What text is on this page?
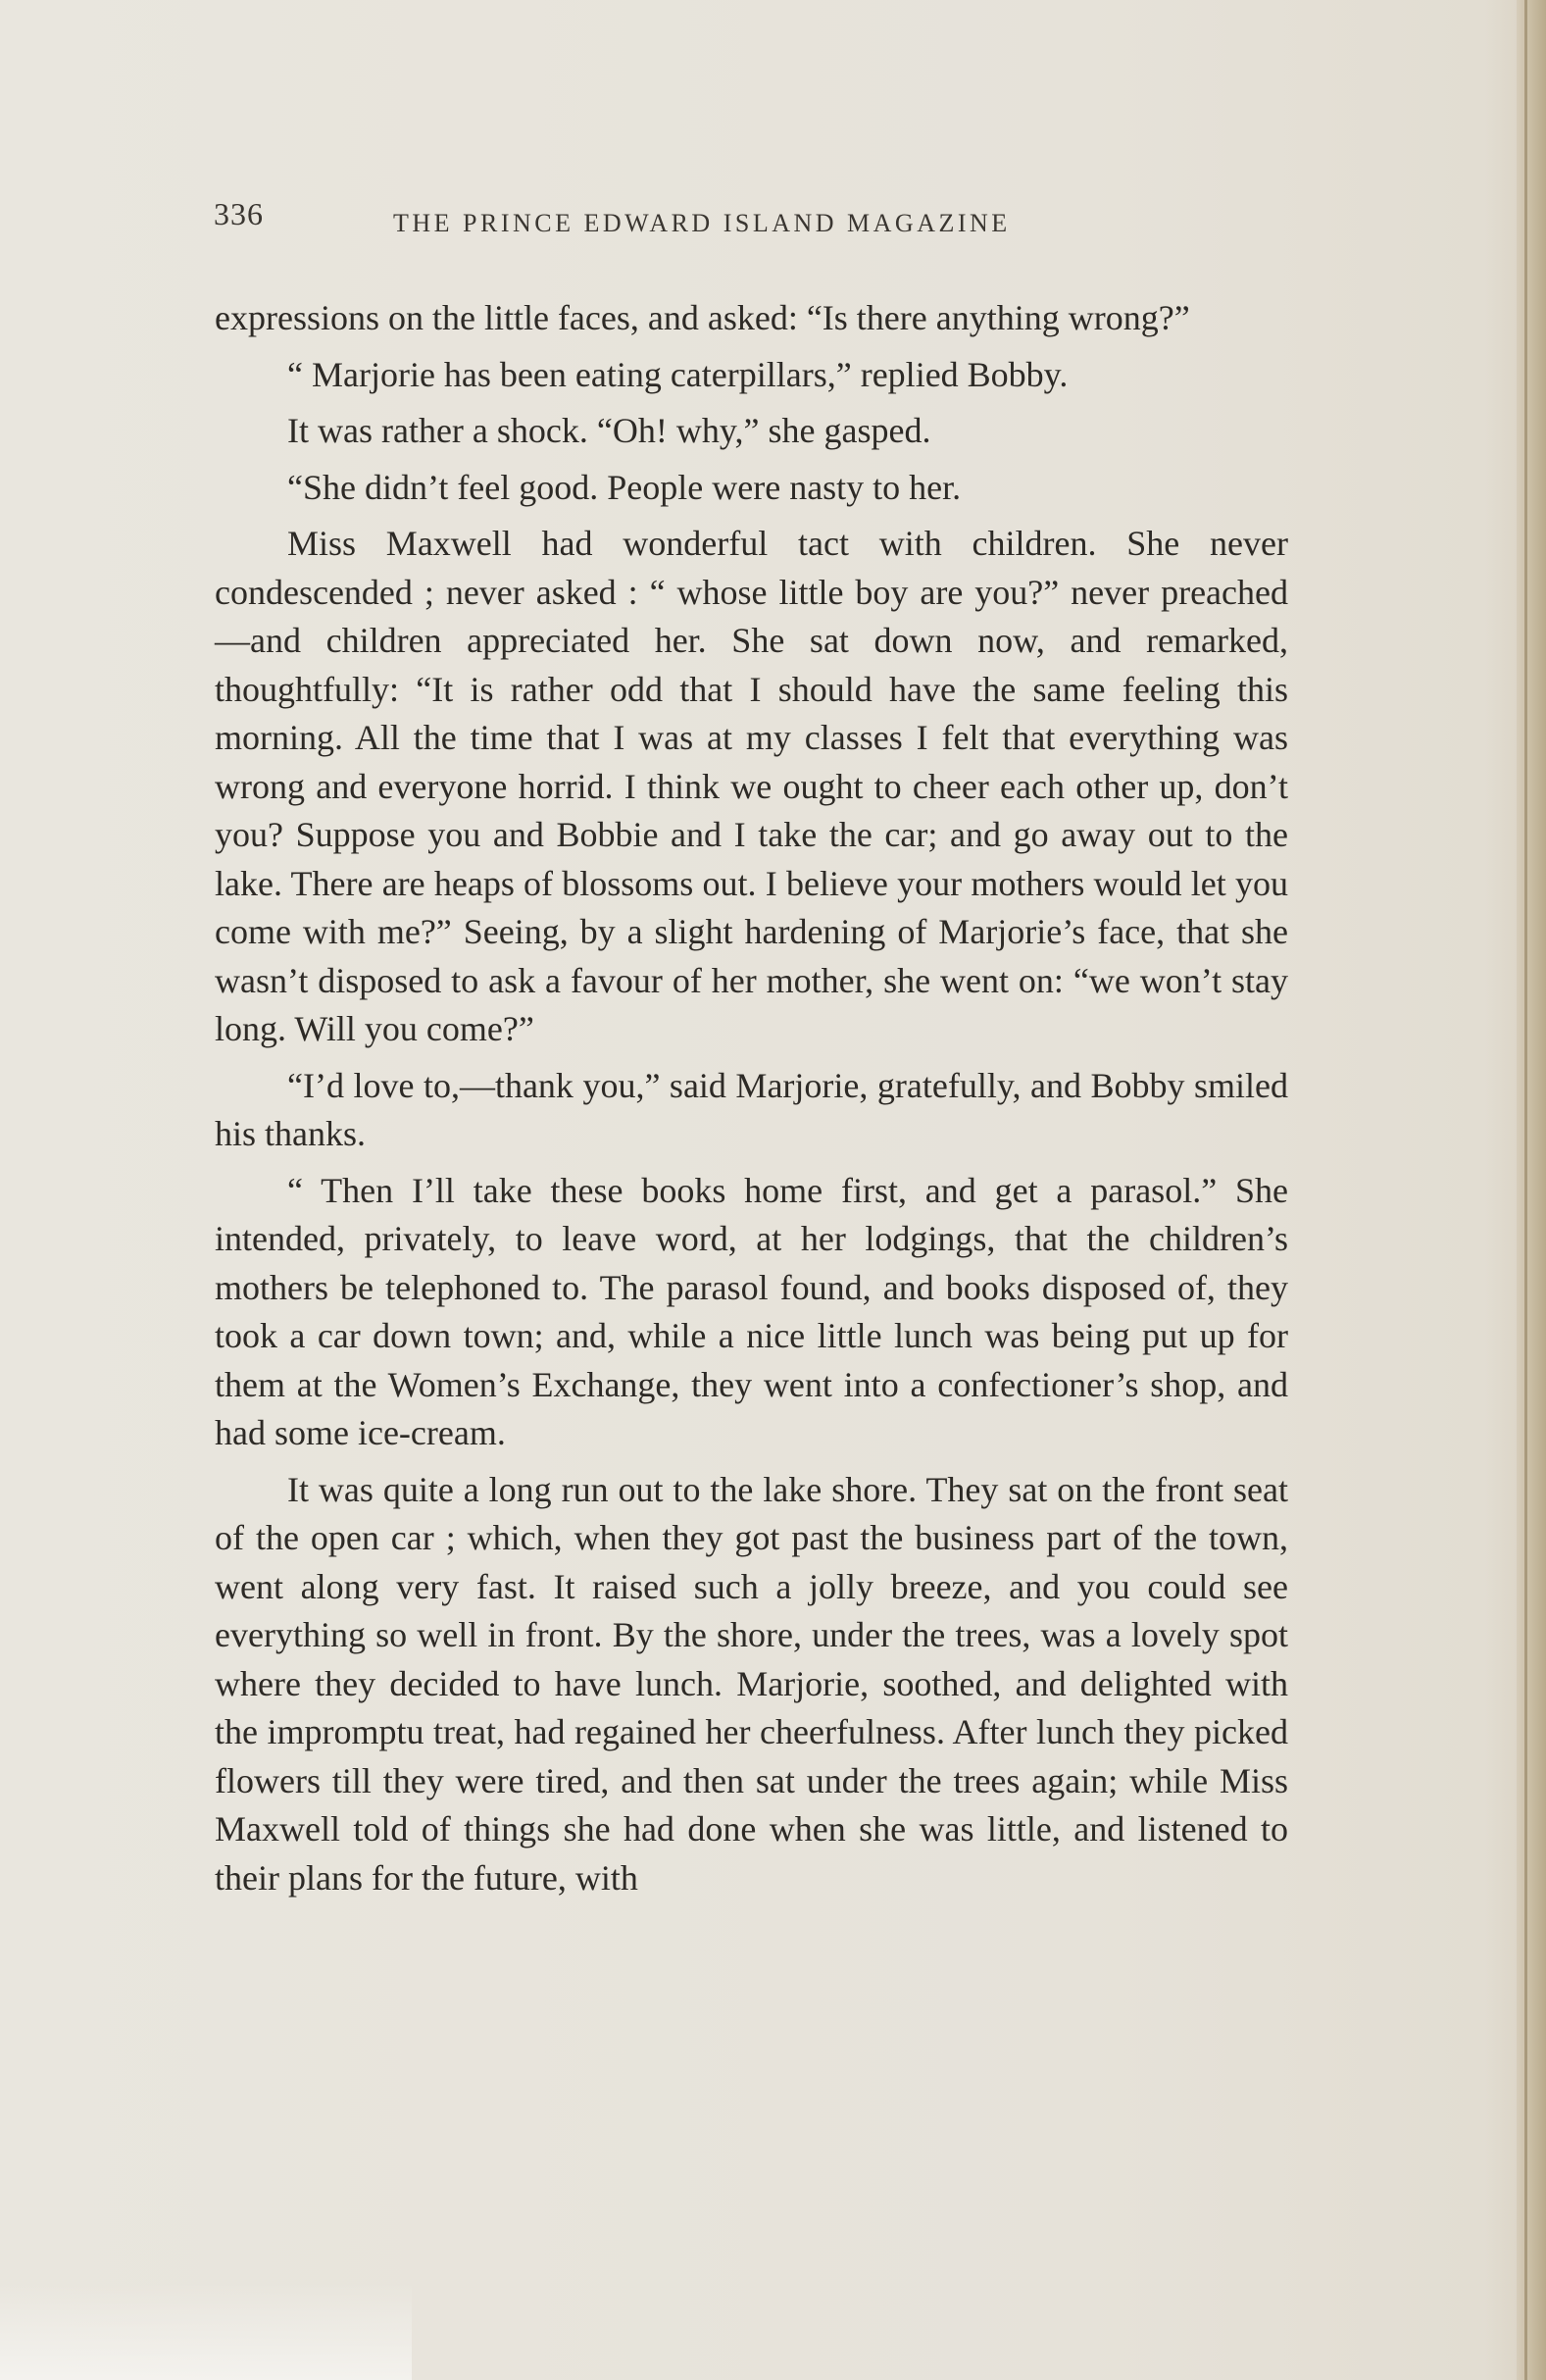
336	THE PRINCE EDWARD ISLAND MAGAZINE

expressions on the little faces, and asked: “Is there anything wrong?”

“ Marjorie has been eating caterpillars,” replied Bobby.

It was rather a shock. “Oh! why,” she gasped.

“She didn’t feel good. People were nasty to her.

Miss Maxwell had wonderful tact with children. She never condescended ; never asked : “ whose little boy are you?” never preached—and children appreciated her. She sat down now, and remarked, thoughtfully: “It is rather odd that I should have the same feeling this morning. All the time that I was at my classes I felt that everything was wrong and everyone horrid. I think we ought to cheer each other up, don’t you? Suppose you and Bobbie and I take the car; and go away out to the lake. There are heaps of blossoms out. I believe your mothers would let you come with me?” Seeing, by a slight hardening of Marjorie’s face, that she wasn’t disposed to ask a favour of her mother, she went on: “we won’t stay long. Will you come?”

“I’d love to,—thank you,” said Marjorie, gratefully, and Bobby smiled his thanks.

“ Then I’ll take these books home first, and get a parasol.” She intended, privately, to leave word, at her lodgings, that the children’s mothers be telephoned to. The parasol found, and books disposed of, they took a car down town; and, while a nice little lunch was being put up for them at the Women’s Exchange, they went into a confectioner’s shop, and had some ice-cream.

It was quite a long run out to the lake shore. They sat on the front seat of the open car ; which, when they got past the business part of the town, went along very fast. It raised such a jolly breeze, and you could see everything so well in front. By the shore, under the trees, was a lovely spot where they decided to have lunch. Marjorie, soothed, and delighted with the impromptu treat, had regained her cheerfulness. After lunch they picked flowers till they were tired, and then sat under the trees again; while Miss Maxwell told of things she had done when she was little, and listened to their plans for the future, with
